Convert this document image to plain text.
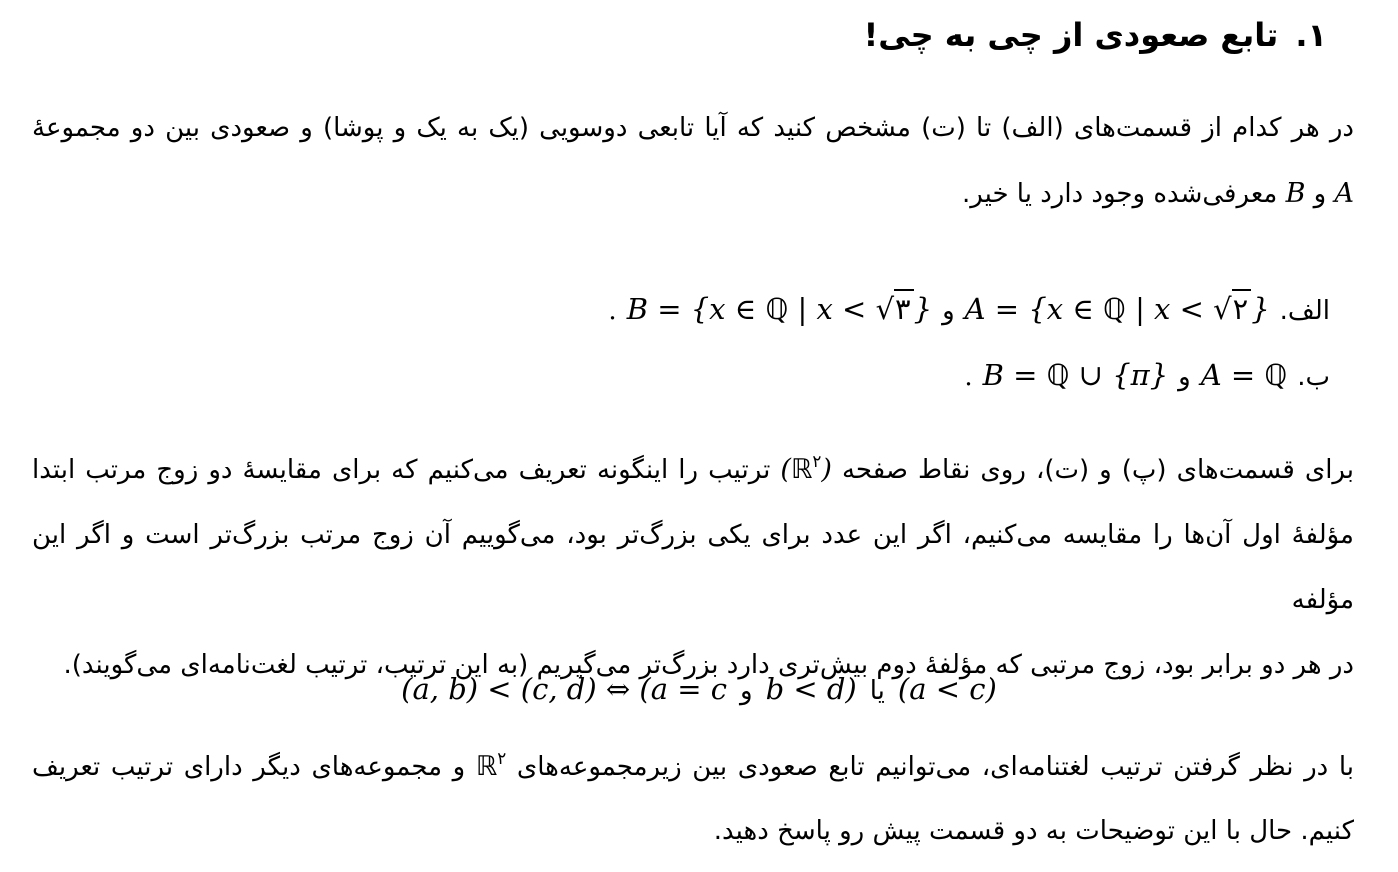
۱.
تابع صعودی از چی به چی!
در هر کدام از قسمت‌های (الف) تا (ت) مشخص کنید که آیا تابعی دوسویی (یک به یک و پوشا) و صعودی بین دو مجموعهٔ
A و B معرفی‌شده وجود دارد یا خیر.
الف.
A = {x ∈ ℚ | x < √۲ }
و
B = {x ∈ ℚ | x < √۳ }
.
ب.
A = ℚ
و
B = ℚ ∪ {π}
.
برای قسمت‌های (پ) و (ت)، روی نقاط صفحه (ℝ$^۲$) ترتیب را اینگونه تعریف می‌کنیم که برای مقایسهٔ دو زوج مرتب ابتدا
مؤلفهٔ اول آن‌ها را مقایسه می‌کنیم، اگر این عدد برای یکی بزرگ‌تر بود، می‌گوییم آن زوج مرتب بزرگ‌تر است و اگر این مؤلفه
در هر دو برابر بود، زوج مرتبی که مؤلفهٔ دوم بیش‌تری دارد بزرگ‌تر می‌گیریم (به این ترتیب، ترتیب لغت‌نامه‌ای می‌گویند).
(a, b) < (c, d) ⇔ (a = c و b < d) یا (a < c)
با در نظر گرفتن ترتیب لغتنامه‌ای، می‌توانیم تابع صعودی بین زیرمجموعه‌های ℝ$^۲$ و مجموعه‌های دیگر دارای ترتیب تعریف
کنیم. حال با این توضیحات به دو قسمت پیش رو پاسخ دهید.
